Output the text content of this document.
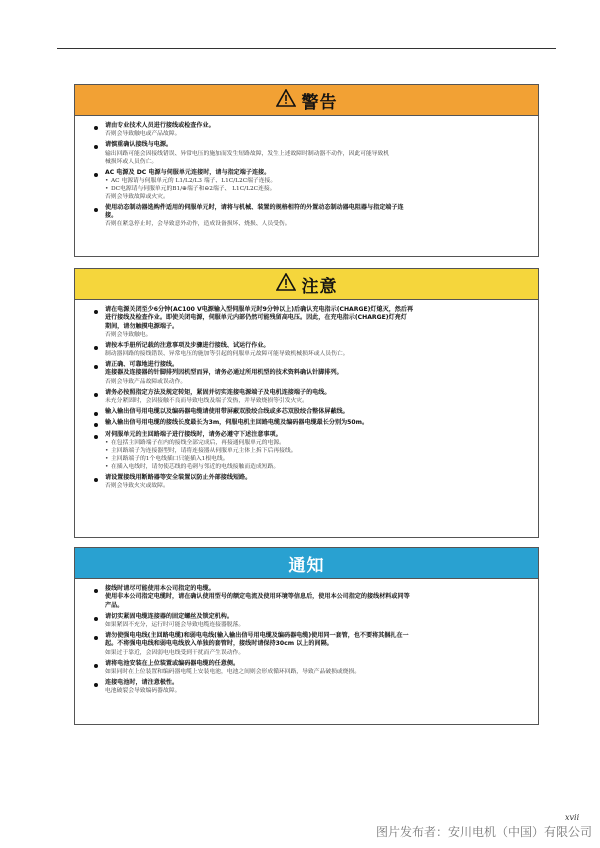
警告
请由专业技术人员进行接线或检查作业。
否则会导致触电或产品故障。
请慎重确认接线与电源。
输出回路可能会因接线错误、异常电压的施加而发生短路故障，发生上述故障时制动器不动作，因此可能导致机
械损坏或人员伤亡。
AC 电源及 DC 电源与伺服单元连接时，请与指定端子连接。
• AC 电源请与伺服单元的 L1/L2/L3 端子、L1C/L2C端子连接。
• DC电源请与伺服单元的B1/⊕端子和⊖2端子、 L1C/L2C连接。
否则会导致故障或火灾。
使用动态制动器选购件适用的伺服单元时，请将与机械、装置的规格相符的外置动态制动器电阻器与指定端子连
接。
否则在紧急停止时，会导致意外动作，造成设备损坏、烧损、人员受伤。
注意
请在电源关闭至少6分钟(AC100 V电源输入型伺服单元时9分钟以上)后确认充电指示(CHARGE)灯熄灭，然后再
进行接线及检查作业。即使关闭电源，伺服单元内部仍然可能残留高电压。因此，在充电指示(CHARGE)灯亮灯
期间，请勿触摸电源端子。
否则会导致触电。
请按本手册所记载的注意事项及步骤进行接线、试运行作业。
制动器回路的接线错误、异常电压的施加等引起的伺服单元故障可能导致机械损坏或人员伤亡。
请正确、可靠地进行接线。
连接器及连接器的针脚排列因机型而异，请务必通过所用机型的技术资料确认针脚排列。
否则会导致产品故障或误动作。
请务必按照指定方法及规定转矩，紧固并切实连接电源端子及电机连接端子的电线。
未充分紧固时，会因接触不良而导致电线及端子发热，并导致烧损等引发火灾。
输入输出信号用电缆以及编码器电缆请使用带屏蔽双股绞合线或多芯双股绞合整体屏蔽线。
输入输出信号用电缆的接线长度最长为3m，伺服电机主回路电缆及编码器电缆最长分别为50m。
对伺服单元的主回路端子进行接线时，请务必遵守下述注意事项。
• 在包括主回路端子在内的接线全部完成后，再接通伺服单元的电源。
• 主回路端子为连接器型时，请将连接器从伺服单元主体上拆下后再接线。
• 主回路端子的1个电线插口只能插入1根电线。
• 在插入电线时，请勿使芯线的毛刺与邻近的电线接触而造成短路。
请设置接线用断路器等安全装置以防止外部接线短路。
否则会导致火灾或故障。
通知
接线时请尽可能使用本公司指定的电缆。
使用非本公司指定电缆时，请在确认使用型号的额定电流及使用环境等信息后，使用本公司指定的接线材料或同等
产品。
请切实紧固电缆连接器的固定螺丝及锁定机构。
如果紧固不充分，运行时可能会导致电缆连接器脱落。
请勿使强电电线(主回路电缆)和弱电电线(输入输出信号用电缆及编码器电缆)使用同一套管，也不要将其捆扎在一
起。不将强电电线和弱电电线放入单独的套管时，接线时请保持30cm 以上的间隔。
如果过于靠近，会因弱电电线受到干扰而产生误动作。
请将电池安装在上位装置或编码器电缆的任意侧。
如果同时在上位装置和编码器电缆上安装电池，电池之间则会形成循环回路，导致产品破损或烧损。
连接电池时，请注意极性。
电池破裂会导致编码器故障。
xvii
图片发布者：安川电机（中国）有限公司
